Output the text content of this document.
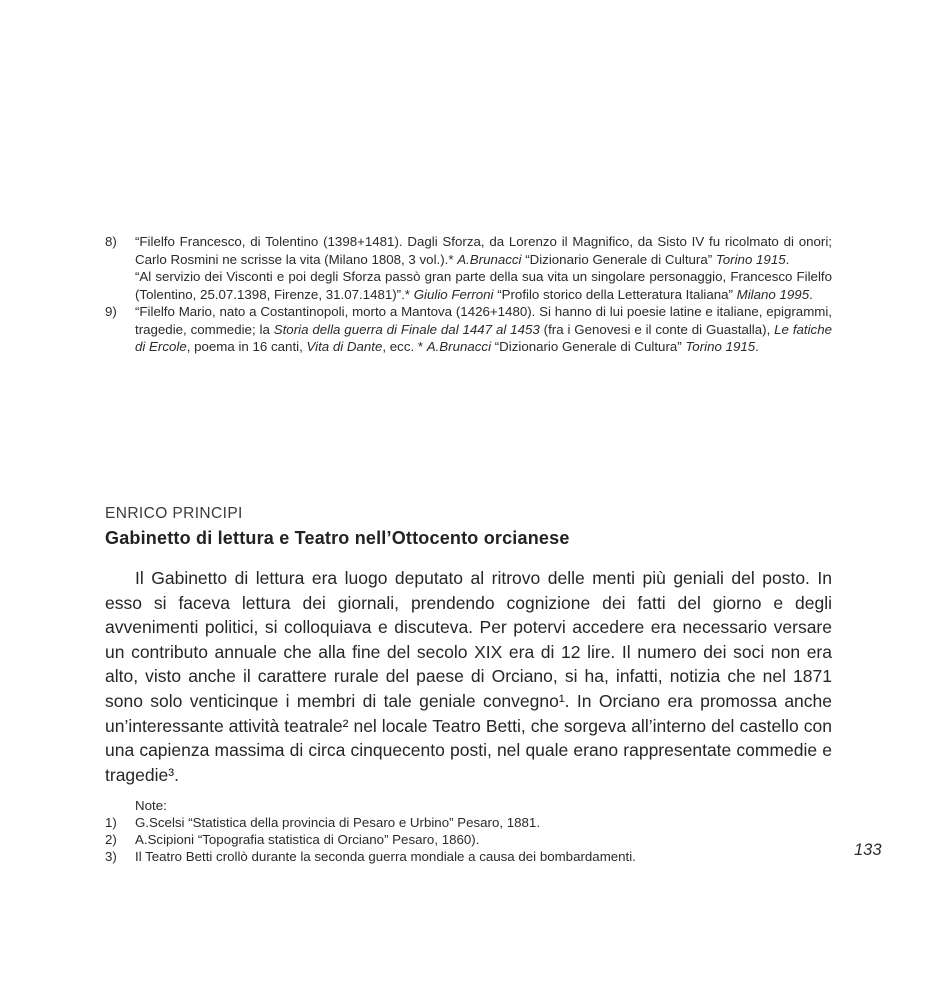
8)	“Filelfo Francesco, di Tolentino (1398+1481). Dagli Sforza, da Lorenzo il Magnifico, da Sisto IV fu ricolmato di onori; Carlo Rosmini ne scrisse la vita (Milano 1808, 3 vol.).* A.Brunacci “Dizionario Generale di Cultura” Torino 1915.
“Al servizio dei Visconti e poi degli Sforza passò gran parte della sua vita un singolare personaggio, Francesco Filelfo (Tolentino, 25.07.1398, Firenze, 31.07.1481)”.* Giulio Ferroni “Profilo storico della Letteratura Italiana” Milano 1995.
9)	“Filelfo Mario, nato a Costantinopoli, morto a Mantova (1426+1480). Si hanno di lui poesie latine e italiane, epigrammi, tragedie, commedie; la Storia della guerra di Finale dal 1447 al 1453 (fra i Genovesi e il conte di Guastalla), Le fatiche di Ercole, poema in 16 canti, Vita di Dante, ecc. * A.Brunacci “Dizionario Generale di Cultura” Torino 1915.
ENRICO PRINCIPI
Gabinetto di lettura e Teatro nell’Ottocento orcianese

Il Gabinetto di lettura era luogo deputato al ritrovo delle menti più geniali del posto. In esso si faceva lettura dei giornali, prendendo cognizione dei fatti del giorno e degli avvenimenti politici, si colloquiava e discuteva. Per potervi accedere era necessario versare un contributo annuale che alla fine del secolo XIX era di 12 lire. Il numero dei soci non era alto, visto anche il carattere rurale del paese di Orciano, si ha, infatti, notizia che nel 1871 sono solo venticinque i membri di tale geniale convegno¹. In Orciano era promossa anche un’interessante attività teatrale² nel locale Teatro Betti, che sorgeva all’interno del castello con una capienza massima di circa cinquecento posti, nel quale erano rappresentate commedie e tragedie³.

Note:
1)	G.Scelsi “Statistica della provincia di Pesaro e Urbino” Pesaro, 1881.
2)	A.Scipioni “Topografia statistica di Orciano” Pesaro, 1860).
3)	Il Teatro Betti crollò durante la seconda guerra mondiale a causa dei bombardamenti.	133
